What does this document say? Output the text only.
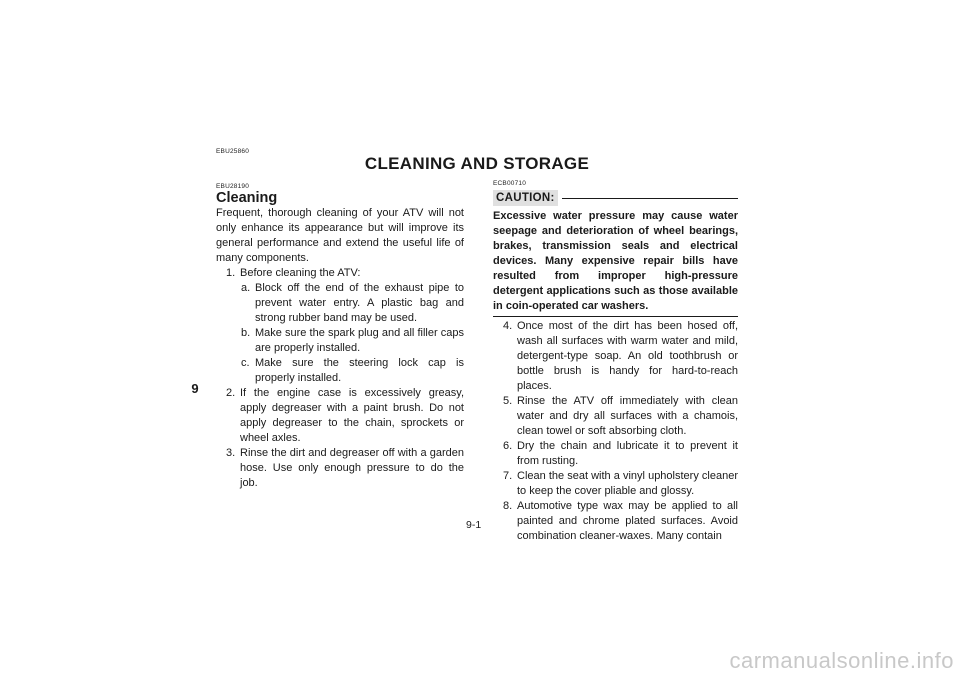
EBU25860
CLEANING AND STORAGE
EBU28190
Cleaning
9

Frequent, thorough cleaning of your ATV will not only enhance its appearance but will improve its general performance and extend the useful life of many components.

1. Before cleaning the ATV:
a. Block off the end of the exhaust pipe to prevent water entry. A plastic bag and strong rubber band may be used.
b. Make sure the spark plug and all filler caps are properly installed.
c. Make sure the steering lock cap is properly installed.
2. If the engine case is excessively greasy, apply degreaser with a paint brush. Do not apply degreaser to the chain, sprockets or wheel axles.
3. Rinse the dirt and degreaser off with a garden hose. Use only enough pressure to do the job.
ECB00710
CAUTION:

Excessive water pressure may cause water seepage and deterioration of wheel bearings, brakes, transmission seals and electrical devices. Many expensive repair bills have resulted from improper high-pressure detergent applications such as those available in coin-operated car washers.

4. Once most of the dirt has been hosed off, wash all surfaces with warm water and mild, detergent-type soap. An old toothbrush or bottle brush is handy for hard-to-reach places.
5. Rinse the ATV off immediately with clean water and dry all surfaces with a chamois, clean towel or soft absorbing cloth.
6. Dry the chain and lubricate it to prevent it from rusting.
7. Clean the seat with a vinyl upholstery cleaner to keep the cover pliable and glossy.
8. Automotive type wax may be applied to all painted and chrome plated surfaces. Avoid combination cleaner-waxes. Many contain
9-1
carmanualsonline.info
